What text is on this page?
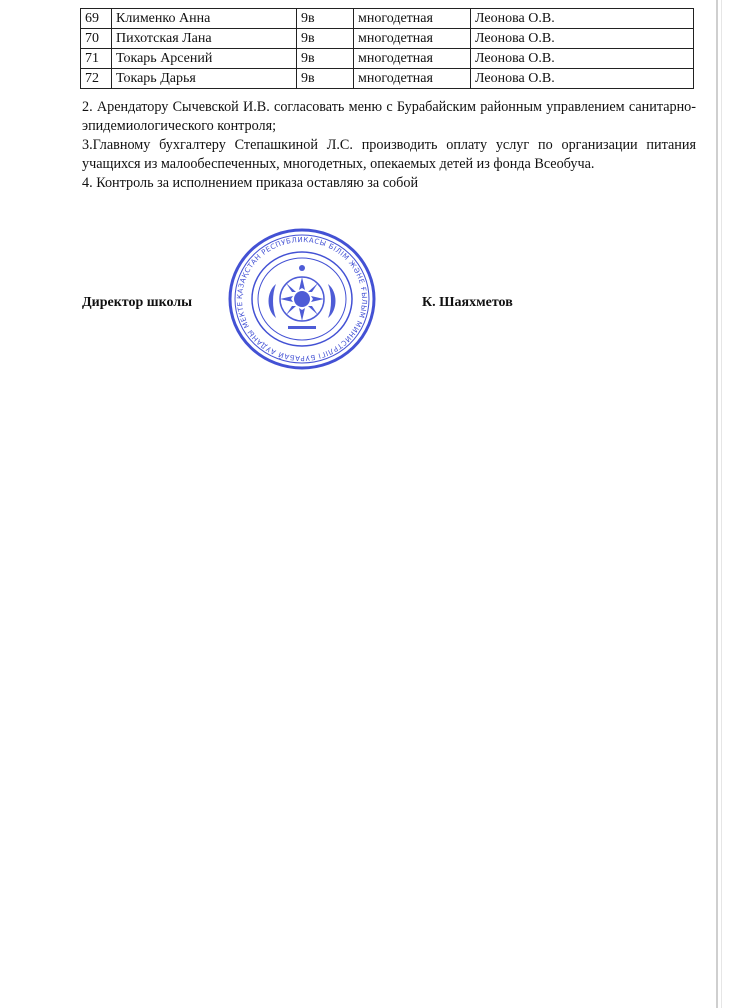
69	Клименко Анна	9в	многодетная	Леонова О.В.
70	Пихотская Лана	9в	многодетная	Леонова О.В.
71	Токарь Арсений	9в	многодетная	Леонова О.В.
72	Токарь Дарья	9в	многодетная	Леонова О.В.

2. Арендатору Сычевской И.В. согласовать меню с Бурабайским районным управлением санитарно-эпидемиологического контроля;

3.Главному бухгалтеру Степашкиной Л.С. производить оплату услуг по организации питания учащихся из малообеспеченных, многодетных, опекаемых детей из фонда Всеобуча.

4. Контроль за исполнением приказа оставляю за собой

Директор школы	К. Шаяхметов
ҚАЗАҚСТАН РЕСПУБЛИКАСЫ БІЛІМ ЖӘНЕ ҒЫЛЫМ МИНИСТРЛІГІ БУРАБАЙ АУДАНЫ МЕКТЕ
